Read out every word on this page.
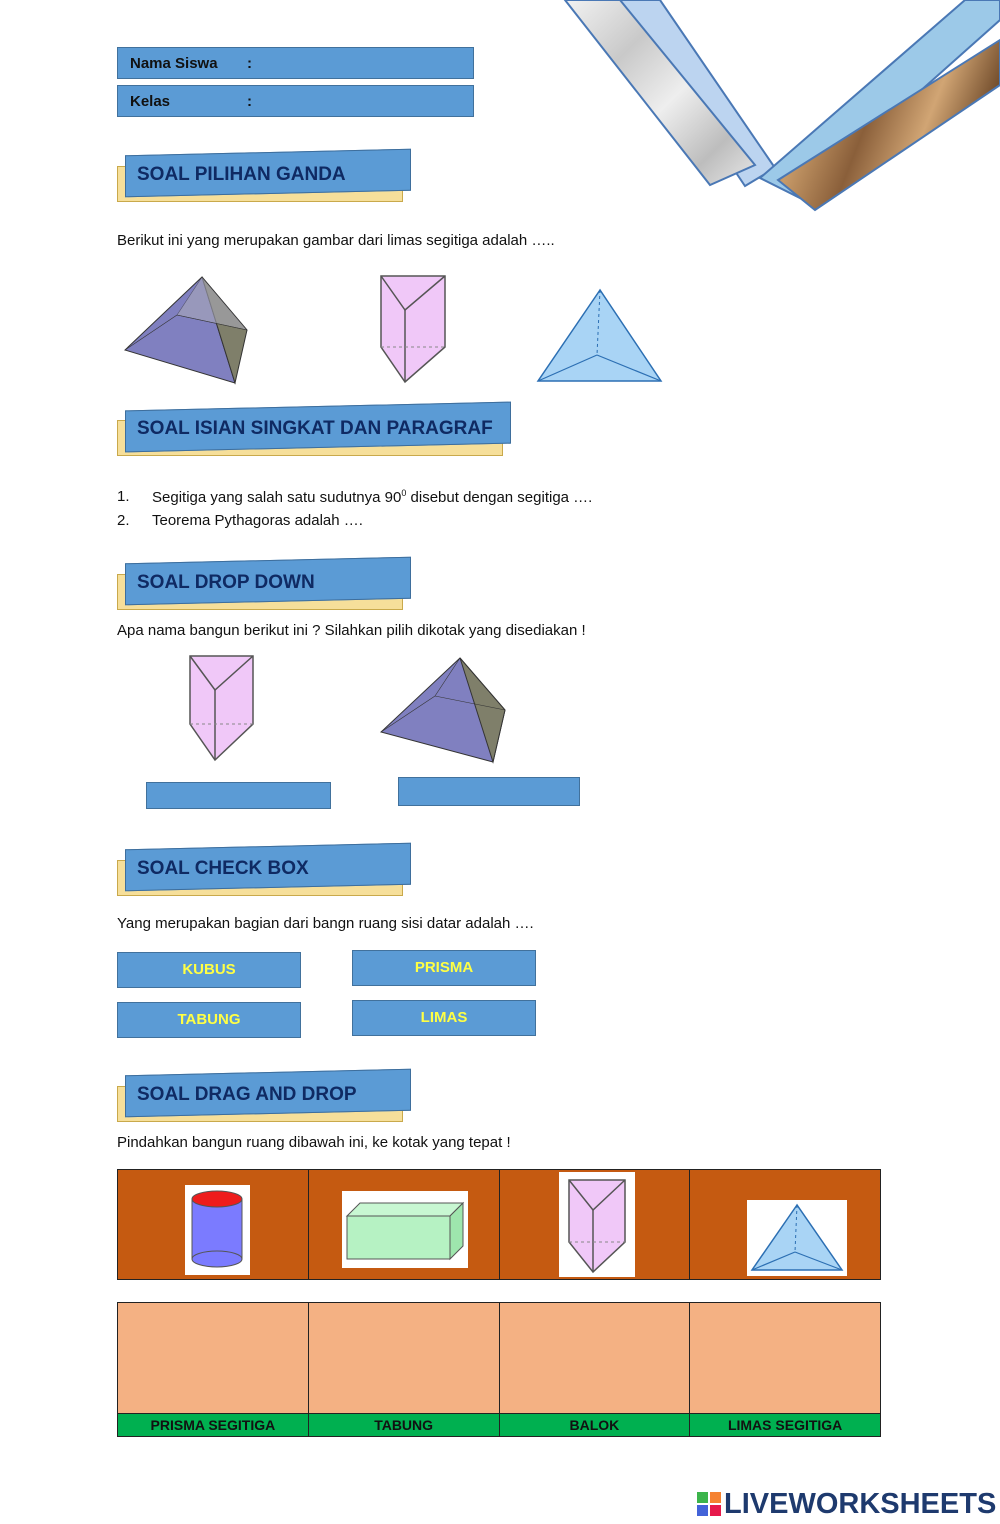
Nama Siswa :
Kelas	:
SOAL PILIHAN GANDA
Berikut ini yang merupakan gambar dari limas segitiga adalah …..
SOAL ISIAN SINGKAT DAN PARAGRAF
1. Segitiga yang salah satu sudutnya $90^0$ disebut dengan segitiga ….
2. Teorema Pythagoras adalah ….
SOAL DROP DOWN
Apa nama bangun berikut ini ? Silahkan pilih dikotak yang disediakan !
SOAL CHECK BOX
Yang merupakan bagian dari bangn ruang sisi datar adalah ….
KUBUS	PRISMA
TABUNG	LIMAS
SOAL DRAG AND DROP
Pindahkan bangun ruang dibawah ini, ke kotak yang tepat !
PRISMA SEGITIGA	TABUNG	BALOK	LIMAS SEGITIGA
LIVEWORKSHEETS
